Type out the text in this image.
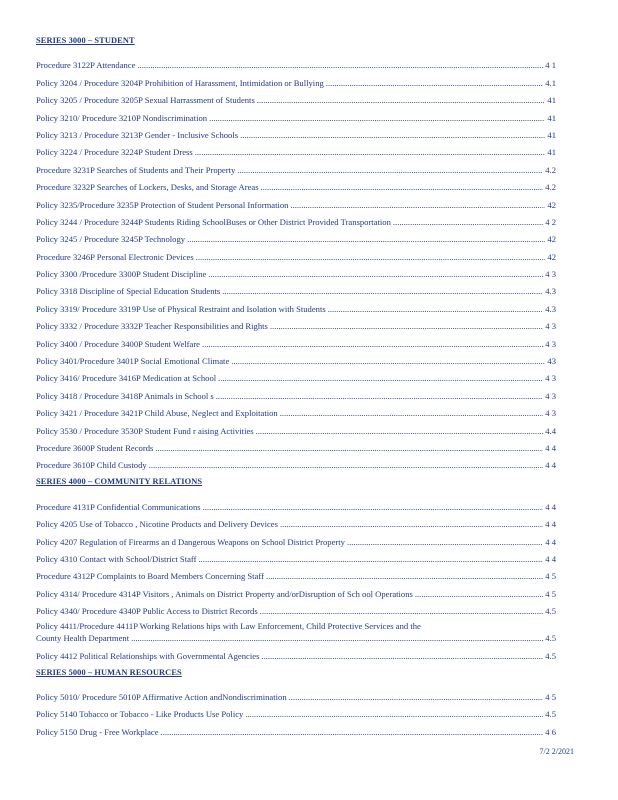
SERIES 3000 – STUDENT
Procedure 3122P Attendance .....	4 1
Policy 3204 / Procedure 3204P Prohibition of Harassment, Intimidation or Bullying .....	4.1
Policy 3205 / Procedure 3205P Sexual Harrassment of Students .....	41
Policy 3210/ Procedure 3210P Nondiscrimination .....	41
Policy 3213 / Procedure 3213P Gender - Inclusive Schools .....	41
Policy 3224 / Procedure 3224P Student Dress .....	41
Procedure 3231P Searches of Students and Their Property .....	4.2
Procedure 3232P Searches of Lockers, Desks, and Storage Areas .....	4.2
Policy 3235/Procedure 3235P Protection of Student Personal Information .....	42
Policy 3244 / Procedure 3244P Students Riding SchoolBuses or Other District Provided Transportation .....	4 2
Policy 3245 / Procedure 3245P Technology .....	42
Procedure 3246P Personal Electronic Devices .....	42
Policy 3300 /Procedure 3300P Student Discipline .....	4 3
Policy 3318 Discipline of Special Education Students .....	4.3
Policy 3319/ Procedure 3319P Use of Physical Restraint and Isolation with Students .....	4.3
Policy 3332 / Procedure 3332P Teacher Responsibilities and Rights .....	4 3
Policy 3400 / Procedure 3400P Student Welfare .....	4 3
Policy 3401/Procedure 3401P Social Emotional Climate .....	43
Policy 3416/ Procedure 3416P Medication at School .....	4 3
Policy 3418 / Procedure 3418P Animals in School s .....	4 3
Policy 3421 / Procedure 3421P Child Abuse, Neglect and Exploitation .....	4 3
Policy 3530 / Procedure 3530P Student Fund r aising Activities .....	4.4
Procedure 3600P Student Records .....	4 4
Procedure 3610P Child Custody .....	4 4
SERIES 4000 – COMMUNITY RELATIONS
Procedure 4131P Confidential Communications .....	4 4
Policy 4205 Use of Tobacco , Nicotine Products and Delivery Devices .....	4 4
Policy 4207 Regulation of Firearms an d Dangerous Weapons on School District Property .....	4 4
Policy 4310 Contact with School/District Staff .....	4 4
Procedure 4312P Complaints to Board Members Concerning Staff .....	4 5
Policy 4314/ Procedure 4314P Visitors , Animals on District Property and/orDisruption of Sch ool Operations .....	4 5
Policy 4340/ Procedure 4340P Public Access to District Records .....	4.5
Policy 4411/Procedure 4411P Working Relations hips with Law Enforcement, Child Protective Services and the
County Health Department .....	4.5
Policy 4412 Political Relationships with Governmental Agencies .....	4.5
SERIES 5000 – HUMAN RESOURCES
Policy 5010/ Procedure 5010P Affirmative Action andNondiscrimination .....	4 5
Policy 5140 Tobacco or Tobacco - Like Products Use Policy .....	4.5
Policy 5150 Drug - Free Workplace .....	4 6
7/2 2/2021
